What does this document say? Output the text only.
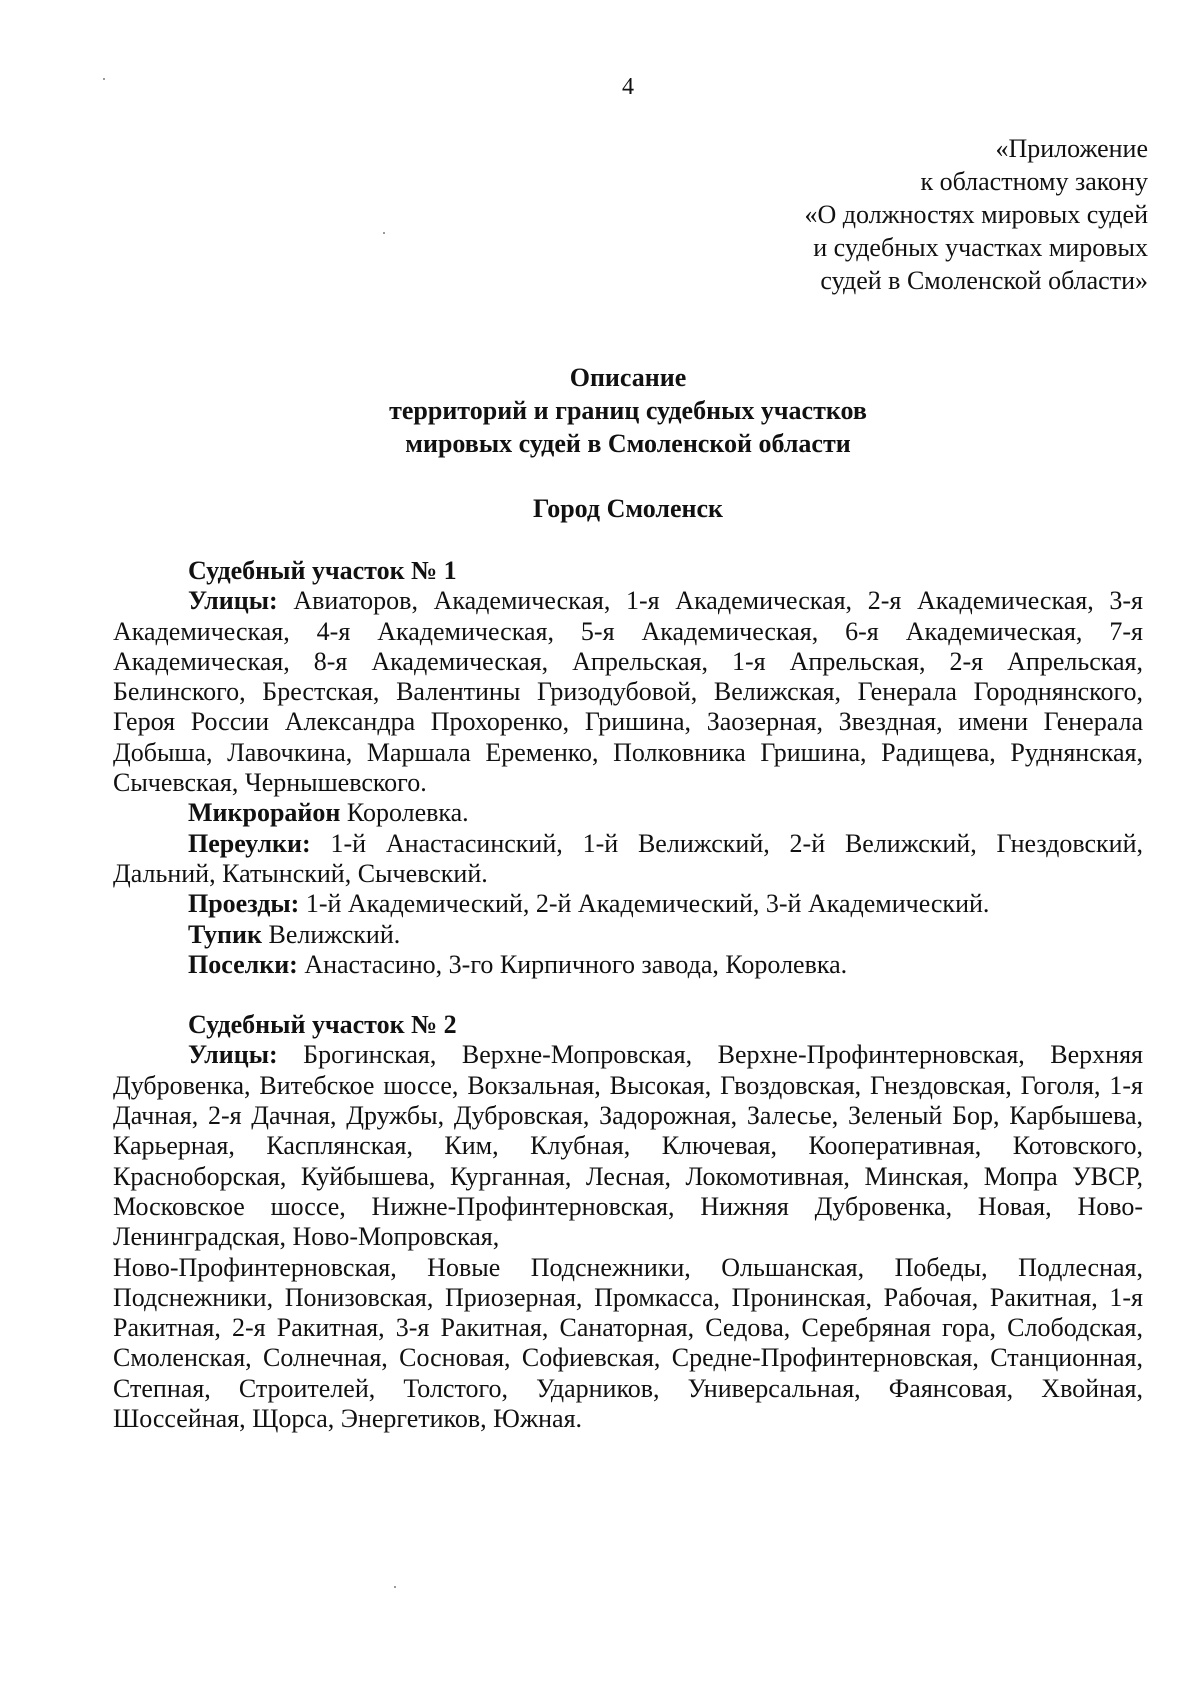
4
«Приложение
к областному закону
«О должностях мировых судей
и судебных участках мировых
судей в Смоленской области»
Описание
территорий и границ судебных участков
мировых судей в Смоленской области
Город Смоленск

Судебный участок № 1

Улицы: Авиаторов, Академическая, 1-я Академическая, 2-я Академическая, 3-я Академическая, 4-я Академическая, 5-я Академическая, 6-я Академическая, 7-я Академическая, 8-я Академическая, Апрельская, 1-я Апрельская, 2-я Апрельская, Белинского, Брестская, Валентины Гризодубовой, Велижская, Генерала Городнянского, Героя России Александра Прохоренко, Гришина, Заозерная, Звездная, имени Генерала Добыша, Лавочкина, Маршала Еременко, Полковника Гришина, Радищева, Руднянская, Сычевская, Чернышевского.

Микрорайон Королевка.

Переулки: 1-й Анастасинский, 1-й Велижский, 2-й Велижский, Гнездовский, Дальний, Катынский, Сычевский.

Проезды: 1-й Академический, 2-й Академический, 3-й Академический.

Тупик Велижский.

Поселки: Анастасино, 3-го Кирпичного завода, Королевка.

Судебный участок № 2

Улицы: Брогинская, Верхне-Мопровская, Верхне-Профинтерновская, Верхняя Дубровенка, Витебское шоссе, Вокзальная, Высокая, Гвоздовская, Гнездовская, Гоголя, 1-я Дачная, 2-я Дачная, Дружбы, Дубровская, Задорожная, Залесье, Зеленый Бор, Карбышева, Карьерная, Касплянская, Ким, Клубная, Ключевая, Кооперативная, Котовского, Красноборская, Куйбышева, Курганная, Лесная, Локомотивная, Минская, Мопра УВСР, Московское шоссе, Нижне-Профинтерновская, Нижняя Дубровенка, Новая, Ново-Ленинградская, Ново-Мопровская,

Ново-Профинтерновская, Новые Подснежники, Ольшанская, Победы, Подлесная, Подснежники, Понизовская, Приозерная, Промкасса, Пронинская, Рабочая, Ракитная, 1-я Ракитная, 2-я Ракитная, 3-я Ракитная, Санаторная, Седова, Серебряная гора, Слободская, Смоленская, Солнечная, Сосновая, Софиевская, Средне-Профинтерновская, Станционная, Степная, Строителей, Толстого, Ударников, Универсальная, Фаянсовая, Хвойная, Шоссейная, Щорса, Энергетиков, Южная.
